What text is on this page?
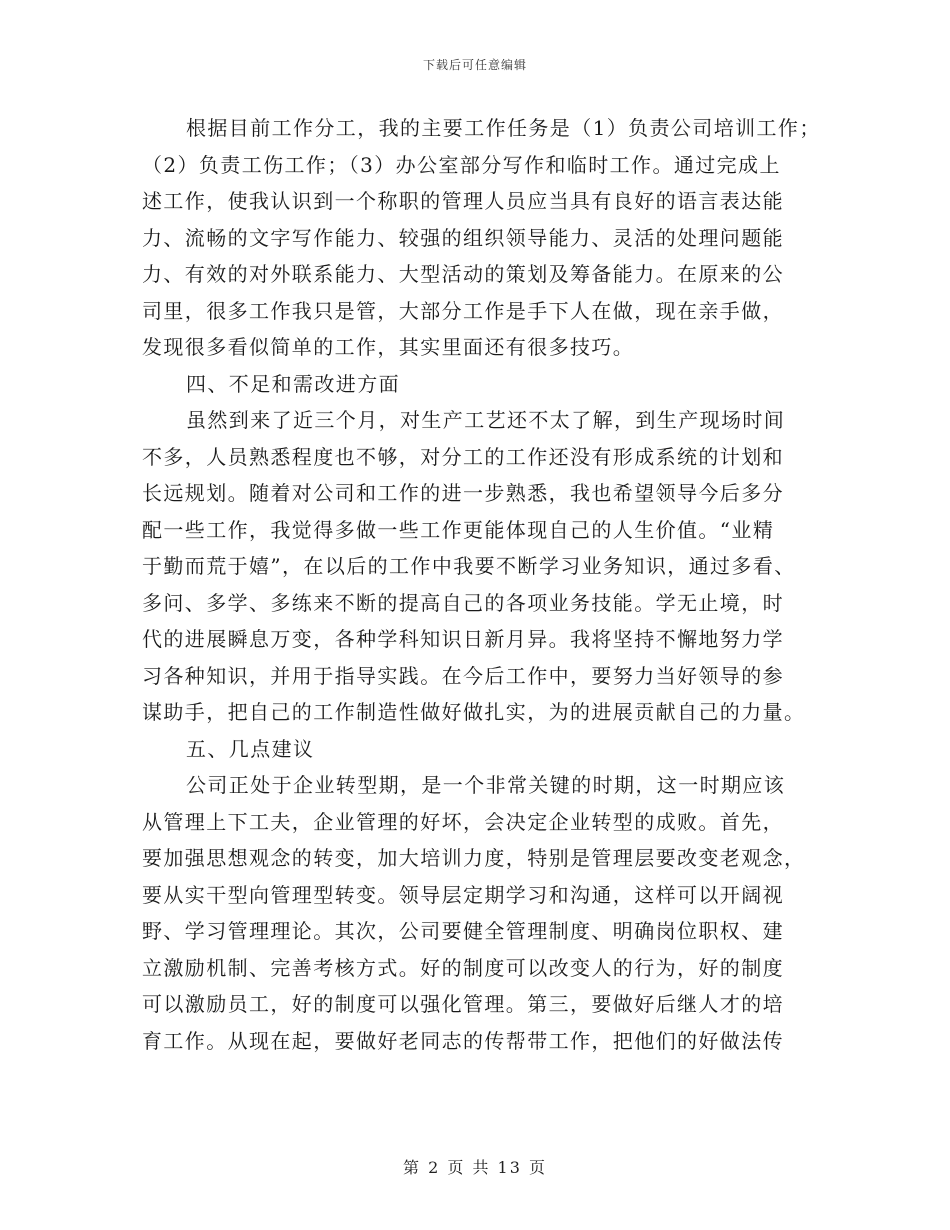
下载后可任意编辑
根据目前工作分工，我的主要工作任务是（1）负责公司培训工作；
（2）负责工伤工作；（3）办公室部分写作和临时工作。通过完成上
述工作，使我认识到一个称职的管理人员应当具有良好的语言表达能
力、流畅的文字写作能力、较强的组织领导能力、灵活的处理问题能
力、有效的对外联系能力、大型活动的策划及筹备能力。在原来的公
司里，很多工作我只是管，大部分工作是手下人在做，现在亲手做，
发现很多看似简单的工作，其实里面还有很多技巧。
四、不足和需改进方面
虽然到来了近三个月，对生产工艺还不太了解，到生产现场时间
不多，人员熟悉程度也不够，对分工的工作还没有形成系统的计划和
长远规划。随着对公司和工作的进一步熟悉，我也希望领导今后多分
配一些工作，我觉得多做一些工作更能体现自己的人生价值。“业精
于勤而荒于嬉”，在以后的工作中我要不断学习业务知识，通过多看、
多问、多学、多练来不断的提高自己的各项业务技能。学无止境，时
代的进展瞬息万变，各种学科知识日新月异。我将坚持不懈地努力学
习各种知识，并用于指导实践。在今后工作中，要努力当好领导的参
谋助手，把自己的工作制造性做好做扎实，为的进展贡献自己的力量。
五、几点建议
公司正处于企业转型期，是一个非常关键的时期，这一时期应该
从管理上下工夫，企业管理的好坏，会决定企业转型的成败。首先，
要加强思想观念的转变，加大培训力度，特别是管理层要改变老观念，
要从实干型向管理型转变。领导层定期学习和沟通，这样可以开阔视
野、学习管理理论。其次，公司要健全管理制度、明确岗位职权、建
立激励机制、完善考核方式。好的制度可以改变人的行为，好的制度
可以激励员工，好的制度可以强化管理。第三，要做好后继人才的培
育工作。从现在起，要做好老同志的传帮带工作，把他们的好做法传
第 2 页 共 13 页
